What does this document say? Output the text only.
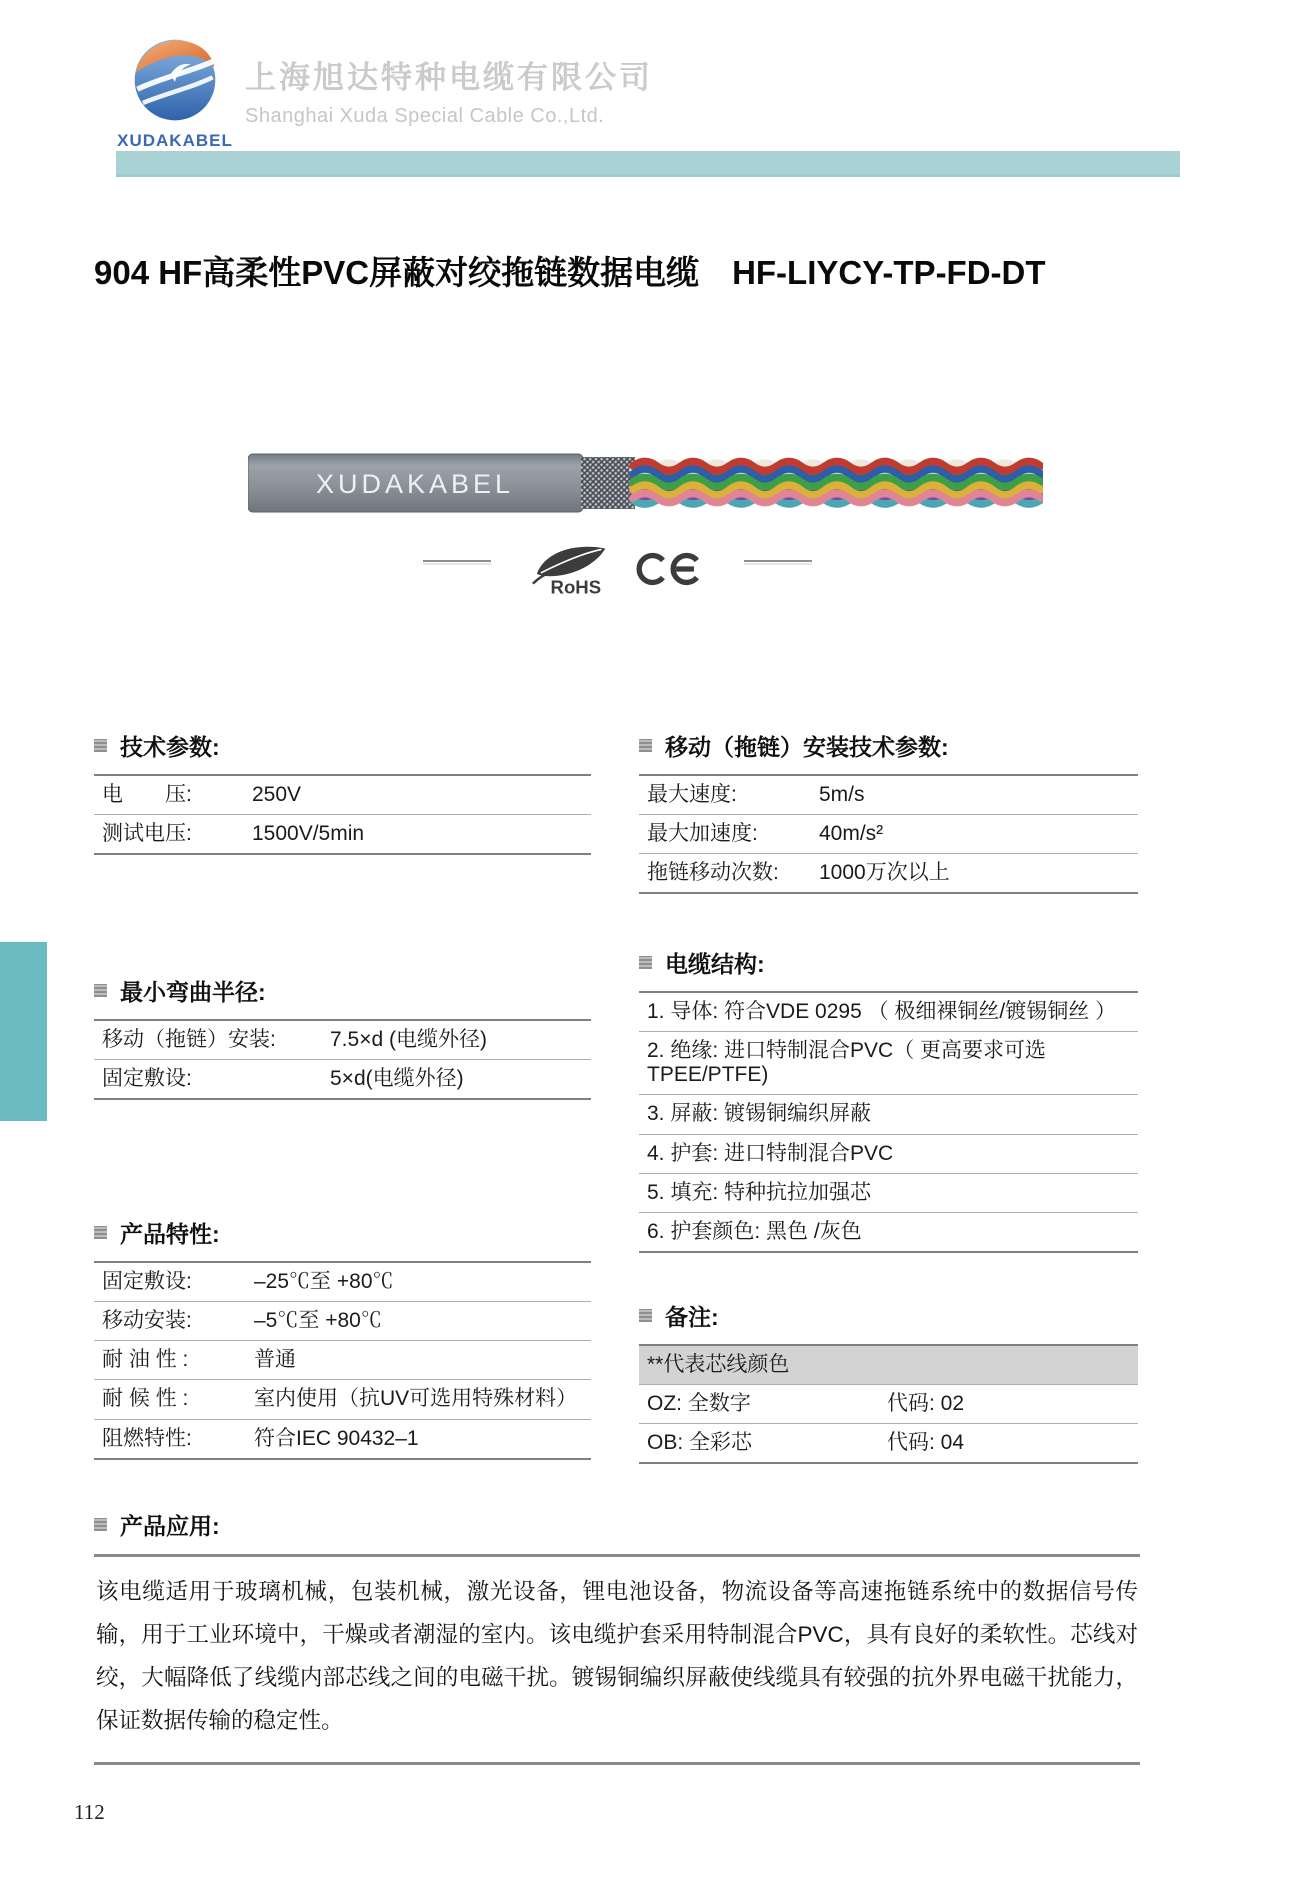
XUDAKABEL
上海旭达特种电缆有限公司
Shanghai Xuda Special Cable Co.,Ltd.
904 HF高柔性PVC屏蔽对绞拖链数据电缆　HF-LIYCY-TP-FD-DT
XUDAKABEL
RoHS
技术参数:
电　　压:	250V
测试电压:	1500V/5min
移动（拖链）安装技术参数:
最大速度:	5m/s
最大加速度:	40m/s²
拖链移动次数:	1000万次以上
电缆结构:
1. 导体: 符合VDE 0295 （ 极细裸铜丝/镀锡铜丝 ）
2. 绝缘: 进口特制混合PVC（ 更高要求可选TPEE/PTFE)
3. 屏蔽: 镀锡铜编织屏蔽
4. 护套: 进口特制混合PVC
5. 填充: 特种抗拉加强芯
6. 护套颜色: 黑色 /灰色
最小弯曲半径:
移动（拖链）安装:	7.5×d (电缆外径)
固定敷设:	5×d(电缆外径)
产品特性:
固定敷设:	–25℃至 +80℃
移动安装:	–5℃至 +80℃
耐 油 性 :	普通
耐 候 性 :	室内使用（抗UV可选用特殊材料）
阻燃特性:	符合IEC 90432–1
备注:
**代表芯线颜色
OZ: 全数字	代码: 02
OB: 全彩芯	代码: 04
产品应用:
该电缆适用于玻璃机械，包装机械，激光设备，锂电池设备，物流设备等高速拖链系统中的数据信号传输，用于工业环境中，干燥或者潮湿的室内。该电缆护套采用特制混合PVC，具有良好的柔软性。芯线对绞，大幅降低了线缆内部芯线之间的电磁干扰。镀锡铜编织屏蔽使线缆具有较强的抗外界电磁干扰能力，保证数据传输的稳定性。
112
